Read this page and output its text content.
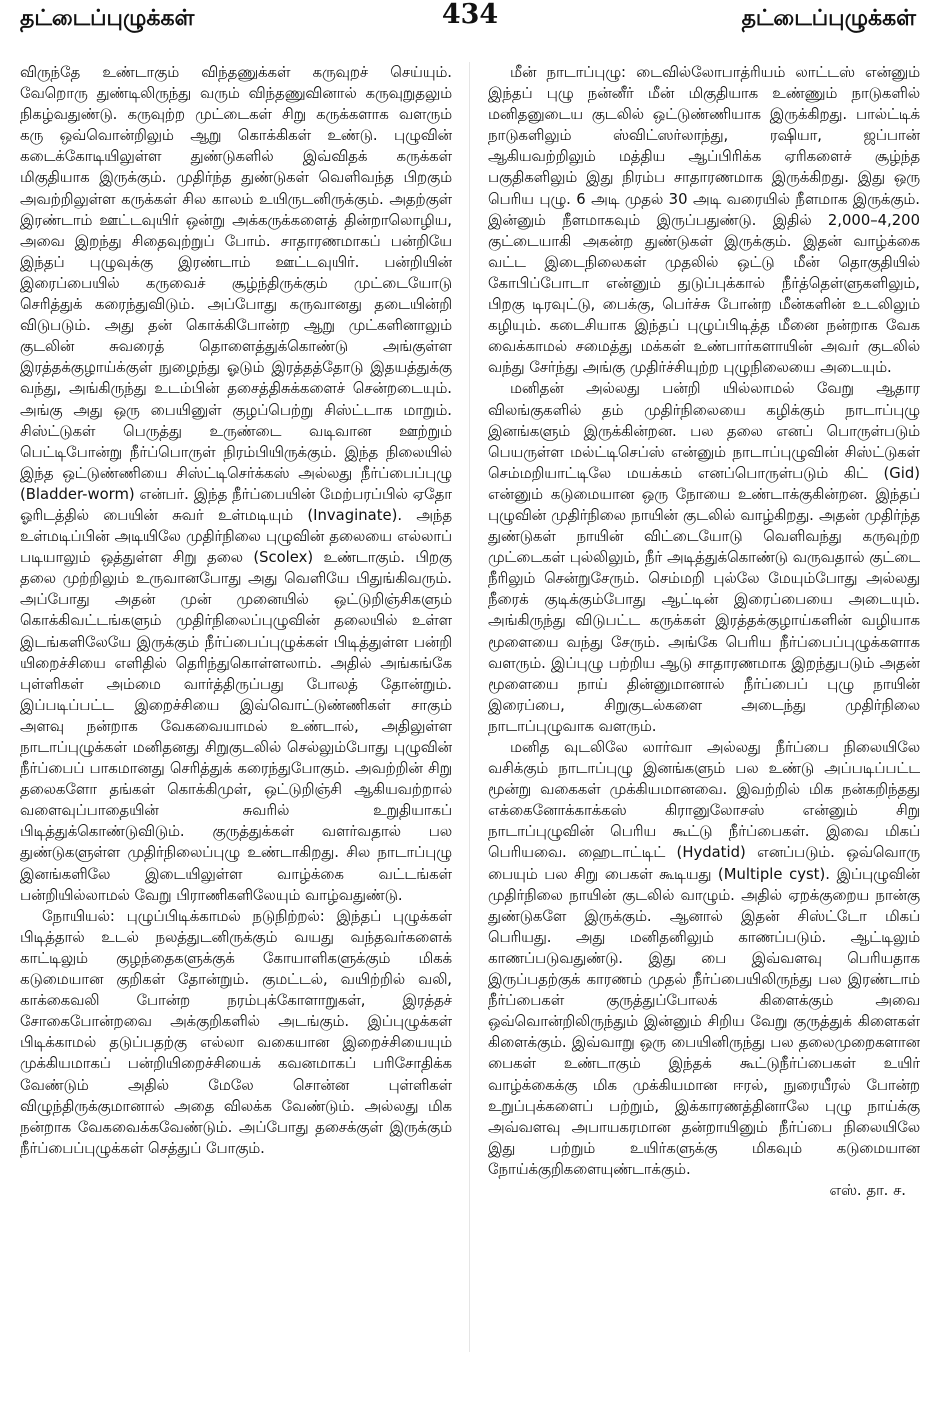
தட்டைப்புழுக்கள்	434	தட்டைப்புழுக்கள்

விருந்தே உண்டாகும் விந்தணுக்கள் கருவுறச் செய்யும். வேறொரு துண்டிலிருந்து வரும் விந்தணுவினால் கருவுறுதலும் நிகழ்வதுண்டு. கருவுற்ற முட்டைகள் சிறு கருக்களாக வளரும் கரு ஒவ்வொன்றிலும் ஆறு கொக்கிகள் உண்டு. புழுவின் கடைக்கோடியிலுள்ள துண்டுகளில் இவ்விதக் கருக்கள் மிகுதியாக இருக்கும். முதிர்ந்த துண்டுகள் வெளிவந்த பிறகும் அவற்றிலுள்ள கருக்கள் சில காலம் உயிருடனிருக்கும். அதற்குள் இரண்டாம் ஊட்டவுயிர் ஒன்று அக்கருக்களைத் தின்றாலொழிய, அவை இறந்து சிதைவுற்றுப் போம். சாதாரணமாகப் பன்றியே இந்தப் புழுவுக்கு இரண்டாம் ஊட்டவுயிர். பன்றியின் இரைப்பையில் கருவைச் சூழ்ந்திருக்கும் முட்டையோடு செரித்துக் கரைந்துவிடும். அப்போது கருவானது தடையின்றி விடுபடும். அது தன் கொக்கிபோன்ற ஆறு முட்களினாலும் குடலின் சுவரைத் தொளைத்துக்கொண்டு அங்குள்ள இரத்தக்குழாய்க்குள் நுழைந்து ஓடும் இரத்தத்தோடு இதயத்துக்கு வந்து, அங்கிருந்து உடம்பின் தசைத்திசுக்களைச் சென்றடையும். அங்கு அது ஒரு பையினுள் குழப்பெற்று சிஸ்ட்டாக மாறும். சிஸ்ட்டுகள் பெருத்து உருண்டை வடிவான ஊற்றும் பெட்டிபோன்று நீர்ப்பொருள் நிரம்பியிருக்கும். இந்த நிலையில் இந்த ஒட்டுண்ணியை சிஸ்ட்டிசெர்க்கஸ் அல்லது நீர்ப்பைப்புழு (Bladder-worm) என்பர். இந்த நீர்ப்பையின் மேற்பரப்பில் ஏதோ ஓரிடத்தில் பையின் சுவர் உள்மடியும் (Invaginate). அந்த உள்மடிப்பின் அடியிலே முதிர்நிலை புழுவின் தலையை எல்லாப் படியாலும் ஒத்துள்ள சிறு தலை (Scolex) உண்டாகும். பிறகு தலை முற்றிலும் உருவானபோது அது வெளியே பிதுங்கிவரும். அப்போது அதன் முன் முனையில் ஒட்டுறிஞ்சிகளும் கொக்கிவட்டங்களும் முதிர்நிலைப்புழுவின் தலையில் உள்ள இடங்களிலேயே இருக்கும் நீர்ப்பைப்புழுக்கள் பிடித்துள்ள பன்றி யிறைச்சியை எளிதில் தெரிந்துகொள்ளலாம். அதில் அங்கங்கே புள்ளிகள் அம்மை வார்த்திருப்பது போலத் தோன்றும். இப்படிப்பட்ட இறைச்சியை இவ்வொட்டுண்ணிகள் சாகும் அளவு நன்றாக வேகவையாமல் உண்டால், அதிலுள்ள நாடாப்புழுக்கள் மனிதனது சிறுகுடலில் செல்லும்போது புழுவின் நீர்ப்பைப் பாகமானது செரித்துக் கரைந்துபோகும். அவற்றின் சிறு தலைகளோ தங்கள் கொக்கிமுள், ஒட்டுறிஞ்சி ஆகியவற்றால் வளைவுப்பாதையின் சுவரில் உறுதியாகப் பிடித்துக்கொண்டுவிடும். குருத்துக்கள் வளர்வதால் பல துண்டுகளுள்ள முதிர்நிலைப்புழு உண்டாகிறது. சில நாடாப்புழு இனங்களிலே இடையிலுள்ள வாழ்க்கை வட்டங்கள் பன்றியில்லாமல் வேறு பிராணிகளிலேயும் வாழ்வதுண்டு.

நோயியல்: புழுப்பிடிக்காமல் நடுநிற்றல்: இந்தப் புழுக்கள் பிடித்தால் உடல் நலத்துடனிருக்கும் வயது வந்தவர்களைக் காட்டிலும் குழந்தைகளுக்குக் கோயாளிகளுக்கும் மிகக் கடுமையான குறிகள் தோன்றும். குமட்டல், வயிற்றில் வலி, காக்கைவலி போன்ற நரம்புக்கோளாறுகள், இரத்தச் சோகைபோன்றவை அக்குறிகளில் அடங்கும். இப்புழுக்கள் பிடிக்காமல் தடுப்பதற்கு எல்லா வகையான இறைச்சியையும் முக்கியமாகப் பன்றியிறைச்சியைக் கவனமாகப் பரிசோதிக்க வேண்டும் அதில் மேலே சொன்ன புள்ளிகள் விழுந்திருக்குமானால் அதை விலக்க வேண்டும். அல்லது மிக நன்றாக வேகவைக்கவேண்டும். அப்போது தசைக்குள் இருக்கும் நீர்ப்பைப்புழுக்கள் செத்துப் போகும்.

மீன் நாடாப்புழு: டைவில்லோபாத்ரியம் லாட்டஸ் என்னும் இந்தப் புழு நன்னீர் மீன் மிகுதியாக உண்ணும் நாடுகளில் மனிதனுடைய குடலில் ஒட்டுண்ணியாக இருக்கிறது. பால்ட்டிக் நாடுகளிலும் ஸ்விட்ஸர்லாந்து, ரஷியா, ஜப்பான் ஆகியவற்றிலும் மத்திய ஆப்பிரிக்க ஏரிகளைச் சூழ்ந்த பகுதிகளிலும் இது நிரம்ப சாதாரணமாக இருக்கிறது. இது ஒரு பெரிய புழு. 6 அடி முதல் 30 அடி வரையில் நீளமாக இருக்கும். இன்னும் நீளமாகவும் இருப்பதுண்டு. இதில் 2,000–4,200 குட்டையாகி அகன்ற துண்டுகள் இருக்கும். இதன் வாழ்க்கை வட்ட இடைநிலைகள் முதலில் ஒட்டு மீன் தொகுதியில் கோபிப்போடா என்னும் துடுப்புக்கால் நீர்த்தெள்ளுகளிலும், பிறகு டிரவுட்டு, பைக்கு, பெர்ச்சு போன்ற மீன்களின் உடலிலும் கழியும். கடைசியாக இந்தப் புழுப்பிடித்த மீனை நன்றாக வேக வைக்காமல் சமைத்து மக்கள் உண்பார்களாயின் அவர் குடலில் வந்து சேர்ந்து அங்கு முதிர்ச்சியுற்ற புழுநிலையை அடையும்.

மனிதன் அல்லது பன்றி யில்லாமல் வேறு ஆதார விலங்குகளில் தம் முதிர்நிலையை கழிக்கும் நாடாப்புழு இனங்களும் இருக்கின்றன. பல தலை எனப் பொருள்படும் பெயருள்ள மல்ட்டிசெப்ஸ் என்னும் நாடாப்புழுவின் சிஸ்ட்டுகள் செம்மறியாட்டிலே மயக்கம் எனப்பொருள்படும் கிட் (Gid) என்னும் கடுமையான ஒரு நோயை உண்டாக்குகின்றன. இந்தப் புழுவின் முதிர்நிலை நாயின் குடலில் வாழ்கிறது. அதன் முதிர்ந்த துண்டுகள் நாயின் விட்டையோடு வெளிவந்து கருவுற்ற முட்டைகள் புல்லிலும், நீர் அடித்துக்கொண்டு வருவதால் குட்டை நீரிலும் சென்றுசேரும். செம்மறி புல்லே மேயும்போது அல்லது நீரைக் குடிக்கும்போது ஆட்டின் இரைப்பையை அடையும். அங்கிருந்து விடுபட்ட கருக்கள் இரத்தக்குழாய்களின் வழியாக மூளையை வந்து சேரும். அங்கே பெரிய நீர்ப்பைப்புழுக்களாக வளரும். இப்புழு பற்றிய ஆடு சாதாரணமாக இறந்துபடும் அதன் மூளையை நாய் தின்னுமானால் நீர்ப்பைப் புழு நாயின் இரைப்பை, சிறுகுடல்களை அடைந்து முதிர்நிலை நாடாப்புழுவாக வளரும்.

மனித வுடலிலே லார்வா அல்லது நீர்ப்பை நிலையிலே வசிக்கும் நாடாப்புழு இனங்களும் பல உண்டு அப்படிப்பட்ட மூன்று வகைகள் முக்கியமானவை. இவற்றில் மிக நன்கறிந்தது எக்கைனோக்காக்கஸ் கிரானுலோசஸ் என்னும் சிறு நாடாப்புழுவின் பெரிய கூட்டு நீர்ப்பைகள். இவை மிகப் பெரியவை. ஹைடாட்டிட் (Hydatid) எனப்படும். ஒவ்வொரு பையும் பல சிறு பைகள் கூடியது (Multiple cyst). இப்புழுவின் முதிர்நிலை நாயின் குடலில் வாழும். அதில் ஏறக்குறைய நான்கு துண்டுகளே இருக்கும். ஆனால் இதன் சிஸ்ட்டோ மிகப் பெரியது. அது மனிதனிலும் காணப்படும். ஆட்டிலும் காணப்படுவதுண்டு. இது பை இவ்வளவு பெரியதாக இருப்பதற்குக் காரணம் முதல் நீர்ப்பையிலிருந்து பல இரண்டாம் நீர்ப்பைகள் குருத்துப்போலக் கிளைக்கும் அவை ஒவ்வொன்றிலிருந்தும் இன்னும் சிறிய வேறு குருத்துக் கிளைகள் கிளைக்கும். இவ்வாறு ஒரு பையினிருந்து பல தலைமுறைகளான பைகள் உண்டாகும் இந்தக் கூட்டுநீர்ப்பைகள் உயிர் வாழ்க்கைக்கு மிக முக்கியமான ஈரல், நுரையீரல் போன்ற உறுப்புக்களைப் பற்றும், இக்காரணத்தினாலே புழு நாய்க்கு அவ்வளவு அபாயகரமான தன்றாயினும் நீர்ப்பை நிலையிலே இது பற்றும் உயிர்களுக்கு மிகவும் கடுமையான நோய்க்குறிகளையுண்டாக்கும்.

எஸ். தா. ச.
